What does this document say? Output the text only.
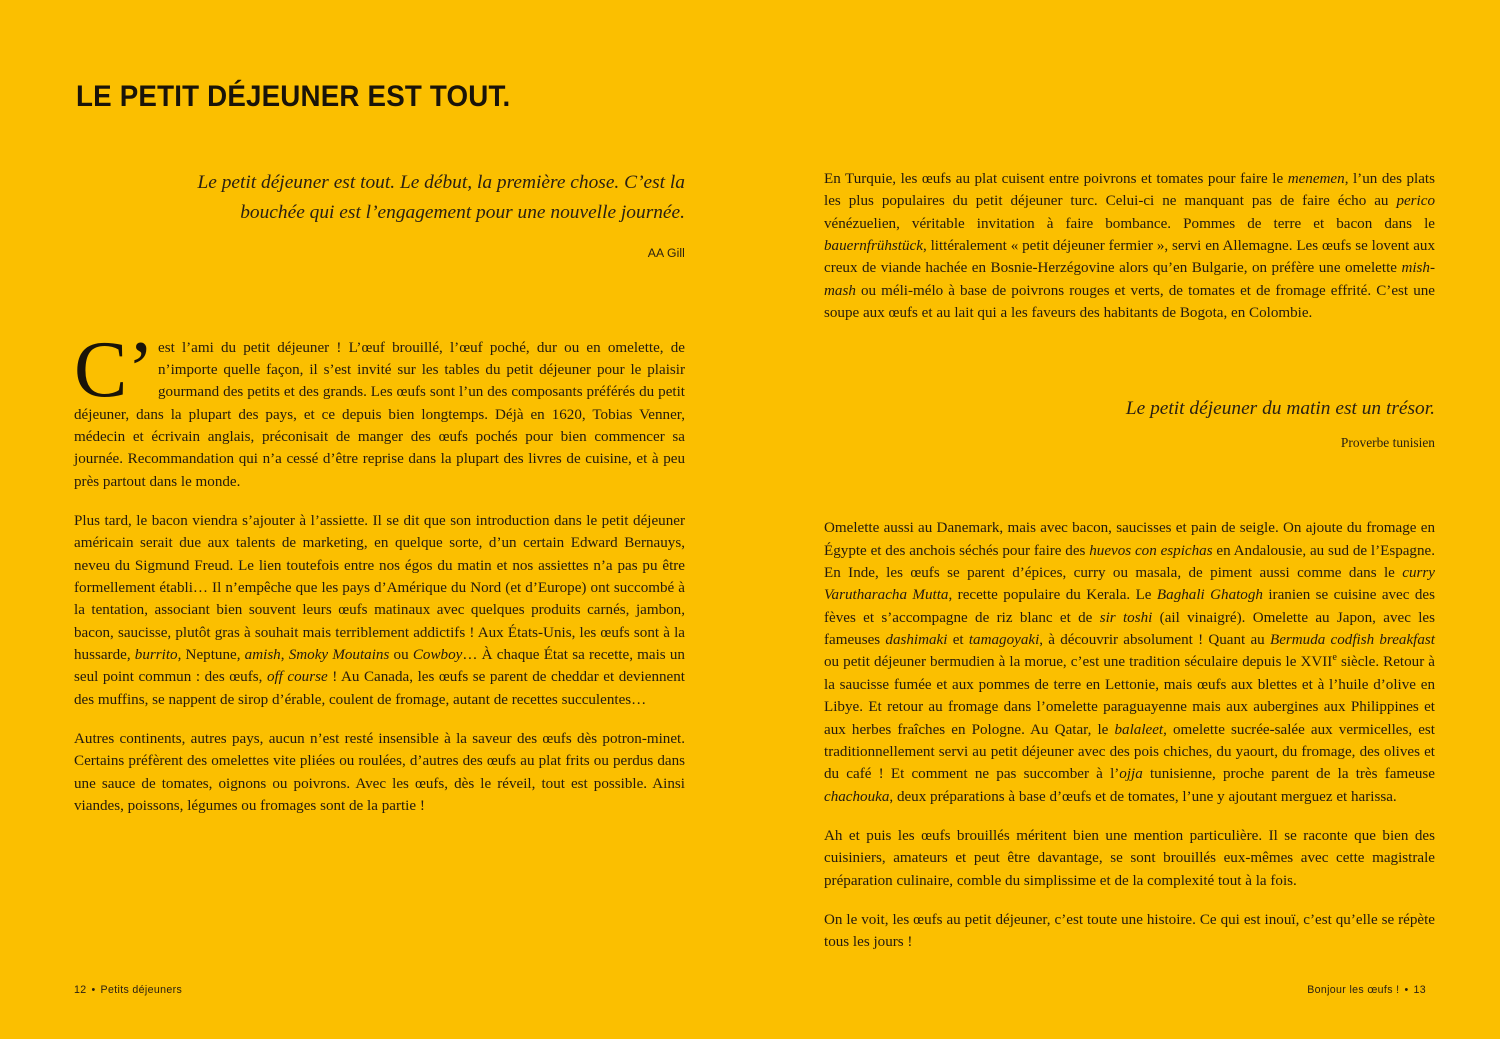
LE PETIT DÉJEUNER EST TOUT.
Le petit déjeuner est tout. Le début, la première chose. C’est la bouchée qui est l’engagement pour une nouvelle journée.
AA Gill

C’ est l’ami du petit déjeuner ! L’œuf brouillé, l’œuf poché, dur ou en omelette, de n’importe quelle façon, il s’est invité sur les tables du petit déjeuner pour le plaisir gourmand des petits et des grands. Les œufs sont l’un des composants préférés du petit déjeuner, dans la plupart des pays, et ce depuis bien longtemps. Déjà en 1620, Tobias Venner, médecin et écrivain anglais, préconisait de manger des œufs pochés pour bien commencer sa journée. Recommandation qui n’a cessé d’être reprise dans la plupart des livres de cuisine, et à peu près partout dans le monde.

Plus tard, le bacon viendra s’ajouter à l’assiette. Il se dit que son introduction dans le petit déjeuner américain serait due aux talents de marketing, en quelque sorte, d’un certain Edward Bernauys, neveu du Sigmund Freud. Le lien toutefois entre nos égos du matin et nos assiettes n’a pas pu être formellement établi… Il n’empêche que les pays d’Amérique du Nord (et d’Europe) ont succombé à la tentation, associant bien souvent leurs œufs matinaux avec quelques produits carnés, jambon, bacon, saucisse, plutôt gras à souhait mais terriblement addictifs ! Aux États-Unis, les œufs sont à la hussarde, burrito, Neptune, amish, Smoky Moutains ou Cowboy… À chaque État sa recette, mais un seul point commun : des œufs, off course ! Au Canada, les œufs se parent de cheddar et deviennent des muffins, se nappent de sirop d’érable, coulent de fromage, autant de recettes succulentes…

Autres continents, autres pays, aucun n’est resté insensible à la saveur des œufs dès potron-minet. Certains préfèrent des omelettes vite pliées ou roulées, d’autres des œufs au plat frits ou perdus dans une sauce de tomates, oignons ou poivrons. Avec les œufs, dès le réveil, tout est possible. Ainsi viandes, poissons, légumes ou fromages sont de la partie !

En Turquie, les œufs au plat cuisent entre poivrons et tomates pour faire le menemen, l’un des plats les plus populaires du petit déjeuner turc. Celui-ci ne manquant pas de faire écho au perico vénézuelien, véritable invitation à faire bombance. Pommes de terre et bacon dans le bauernfrühstück, littéralement « petit déjeuner fermier », servi en Allemagne. Les œufs se lovent aux creux de viande hachée en Bosnie-Herzégovine alors qu’en Bulgarie, on préfère une omelette mish-mash ou méli-mélo à base de poivrons rouges et verts, de tomates et de fromage effrité. C’est une soupe aux œufs et au lait qui a les faveurs des habitants de Bogota, en Colombie.

Le petit déjeuner du matin est un trésor.
Proverbe tunisien

Omelette aussi au Danemark, mais avec bacon, saucisses et pain de seigle. On ajoute du fromage en Égypte et des anchois séchés pour faire des huevos con espichas en Andalousie, au sud de l’Espagne. En Inde, les œufs se parent d’épices, curry ou masala, de piment aussi comme dans le curry Varutharacha Mutta, recette populaire du Kerala. Le Baghali Ghatogh iranien se cuisine avec des fèves et s’accompagne de riz blanc et de sir toshi (ail vinaigré). Omelette au Japon, avec les fameuses dashimaki et tamagoyaki, à découvrir absolument ! Quant au Bermuda codfish breakfast ou petit déjeuner bermudien à la morue, c’est une tradition séculaire depuis le XVIIe siècle. Retour à la saucisse fumée et aux pommes de terre en Lettonie, mais œufs aux blettes et à l’huile d’olive en Libye. Et retour au fromage dans l’omelette paraguayenne mais aux aubergines aux Philippines et aux herbes fraîches en Pologne. Au Qatar, le balaleet, omelette sucrée-salée aux vermicelles, est traditionnellement servi au petit déjeuner avec des pois chiches, du yaourt, du fromage, des olives et du café ! Et comment ne pas succomber à l’ojja tunisienne, proche parent de la très fameuse chachouka, deux préparations à base d’œufs et de tomates, l’une y ajoutant merguez et harissa.

Ah et puis les œufs brouillés méritent bien une mention particulière. Il se raconte que bien des cuisiniers, amateurs et peut être davantage, se sont brouillés eux-mêmes avec cette magistrale préparation culinaire, comble du simplissime et de la complexité tout à la fois.

On le voit, les œufs au petit déjeuner, c’est toute une histoire. Ce qui est inouï, c’est qu’elle se répète tous les jours !

12 • Petits déjeuners	Bonjour les œufs ! • 13
